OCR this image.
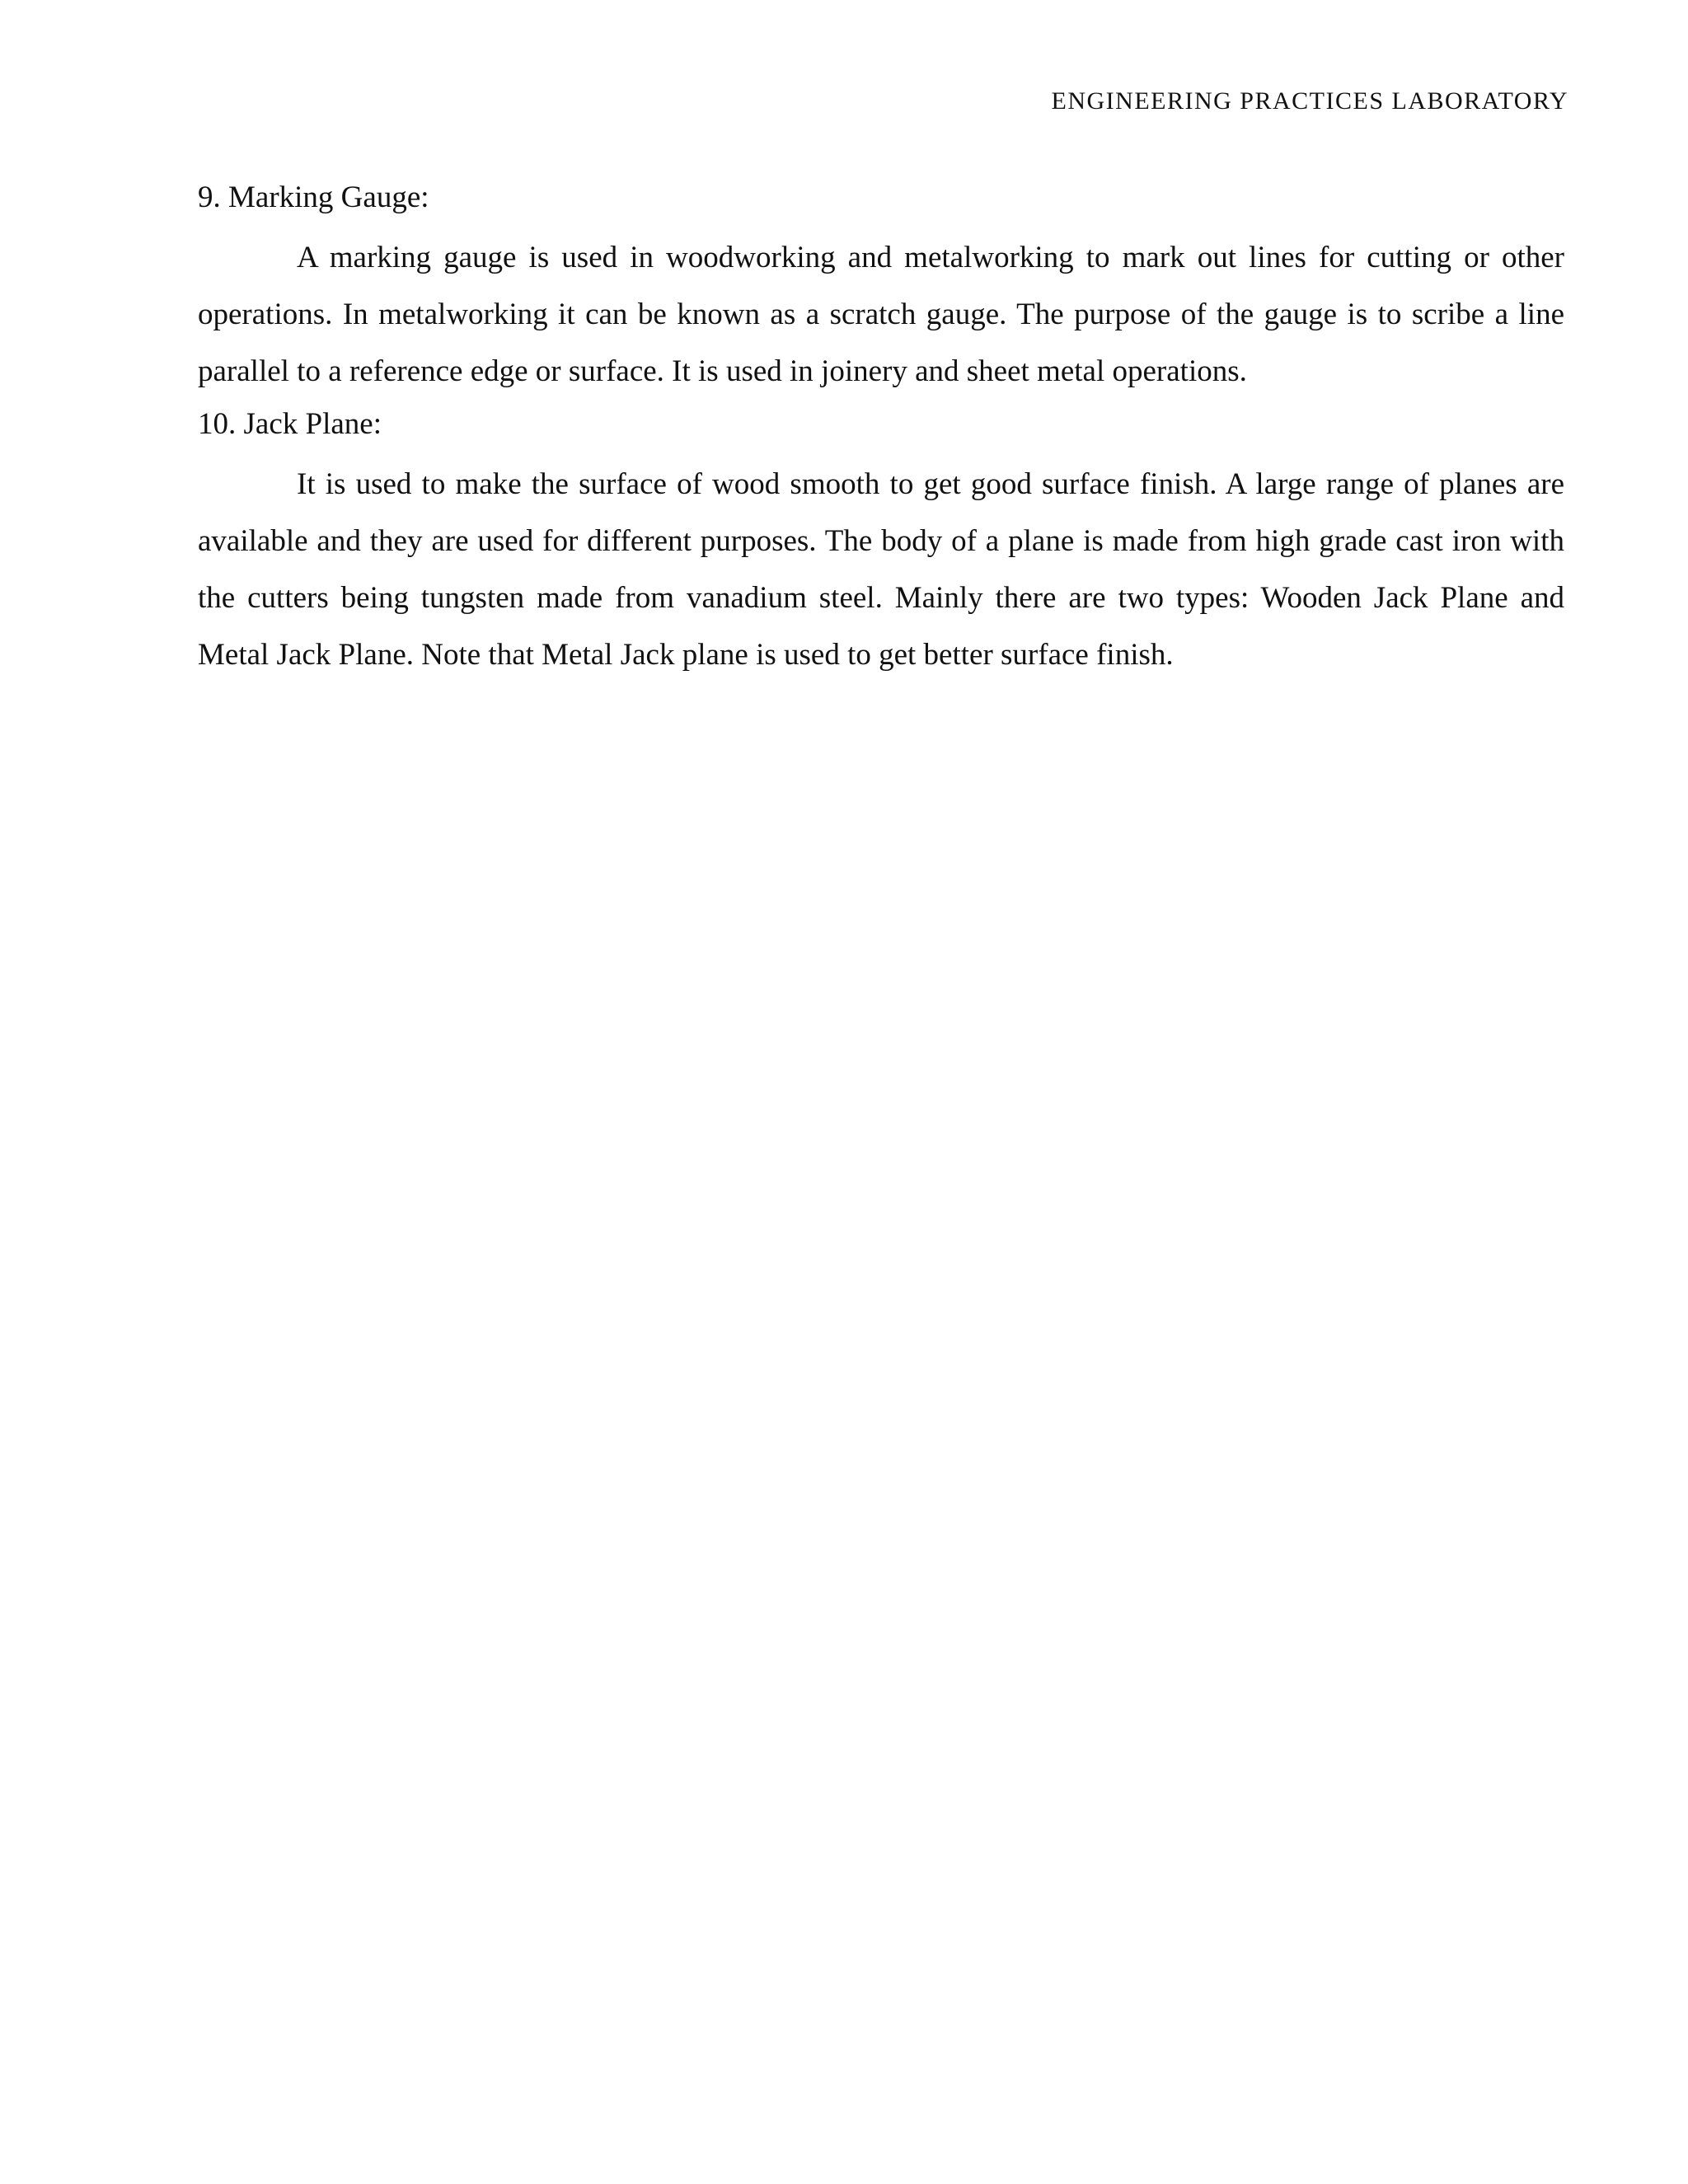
ENGINEERING PRACTICES LABORATORY
9. Marking Gauge:

A marking gauge is used in woodworking and metalworking to mark out lines for cutting or other operations. In metalworking it can be known as a scratch gauge. The purpose of the gauge is to scribe a line parallel to a reference edge or surface. It is used in joinery and sheet metal operations.

10. Jack Plane:

It is used to make the surface of wood smooth to get good surface finish. A large range of planes are available and they are used for different purposes. The body of a plane is made from high grade cast iron with the cutters being tungsten made from vanadium steel. Mainly there are two types: Wooden Jack Plane and Metal Jack Plane. Note that Metal Jack plane is used to get better surface finish.
